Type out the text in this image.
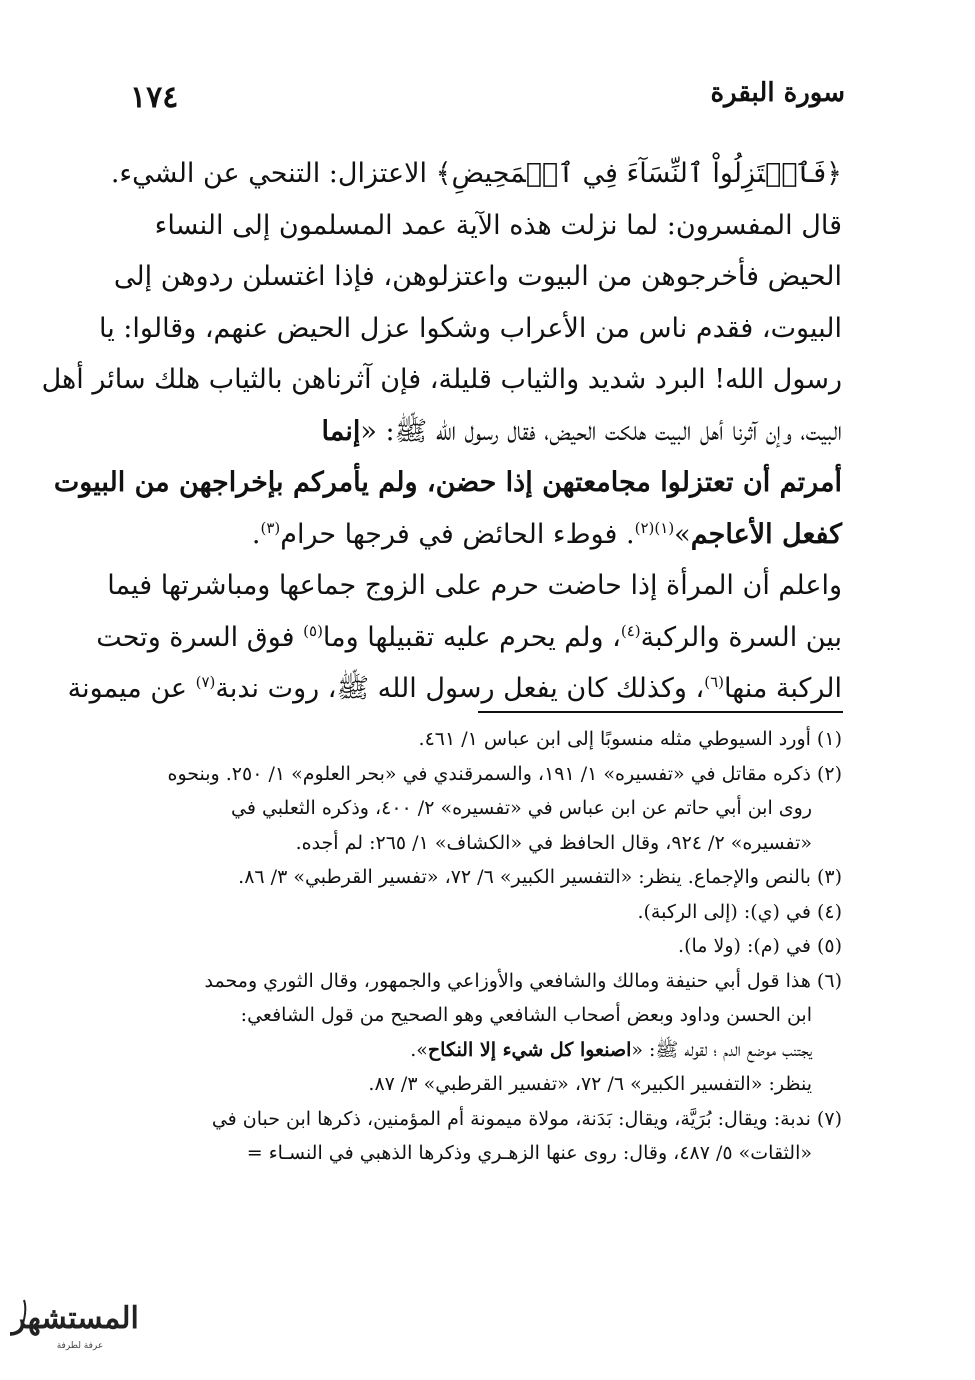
سورة البقرة
١٧٤
﴿فَٱعۡتَزِلُواْ ٱلنِّسَآءَ فِي ٱلۡمَحِيضِ﴾ الاعتزال: التنحي عن الشيء.
قال المفسرون: لما نزلت هذه الآية عمد المسلمون إلى النساء
الحيض فأخرجوهن من البيوت واعتزلوهن، فإذا اغتسلن ردوهن إلى
البيوت، فقدم ناس من الأعراب وشكوا عزل الحيض عنهم، وقالوا: يا
رسول الله! البرد شديد والثياب قليلة، فإن آثرناهن بالثياب هلك سائر أهل
البيت، وإن آثرنا أهل البيت هلكت الحيض، فقال رسول الله ﷺ: «إنما
أمرتم أن تعتزلوا مجامعتهن إذا حضن، ولم يأمركم بإخراجهن من البيوت
كفعل الأعاجم»$^{(١)(٢)}$. فوطء الحائض في فرجها حرام$^{(٣)}$.
واعلم أن المرأة إذا حاضت حرم على الزوج جماعها ومباشرتها فيما
بين السرة والركبة$^{(٤)}$، ولم يحرم عليه تقبيلها وما$^{(٥)}$ فوق السرة وتحت
الركبة منها$^{(٦)}$، وكذلك كان يفعل رسول الله ﷺ، روت ندبة$^{(٧)}$ عن ميمونة
(١) أورد السيوطي مثله منسوبًا إلى ابن عباس ١/ ٤٦١.
(٢) ذكره مقاتل في «تفسيره» ١/ ١٩١، والسمرقندي في «بحر العلوم» ١/ ٢٥٠. وبنحوه
روى ابن أبي حاتم عن ابن عباس في «تفسيره» ٢/ ٤٠٠، وذكره الثعلبي في
«تفسيره» ٢/ ٩٢٤، وقال الحافظ في «الكشاف» ١/ ٢٦٥: لم أجده.
(٣) بالنص والإجماع. ينظر: «التفسير الكبير» ٦/ ٧٢، «تفسير القرطبي» ٣/ ٨٦.
(٤) في (ي): (إلى الركبة).
(٥) في (م): (ولا ما).
(٦) هذا قول أبي حنيفة ومالك والشافعي والأوزاعي والجمهور، وقال الثوري ومحمد
ابن الحسن وداود وبعض أصحاب الشافعي وهو الصحيح من قول الشافعي:
يجتنب موضع الدم ؛ لقوله ﷺ: «اصنعوا كل شيء إلا النكاح».
ينظر: «التفسير الكبير» ٦/ ٧٢، «تفسير القرطبي» ٣/ ٨٧.
(٧) ندبة: ويقال: بُرَيَّة، ويقال: بَدَنة، مولاة ميمونة أم المؤمنين، ذكرها ابن حبان في
«الثقات» ٥/ ٤٨٧، وقال: روى عنها الزهـري وذكرها الذهبي في النسـاء =
المستشهر
عرفة لطرفة
